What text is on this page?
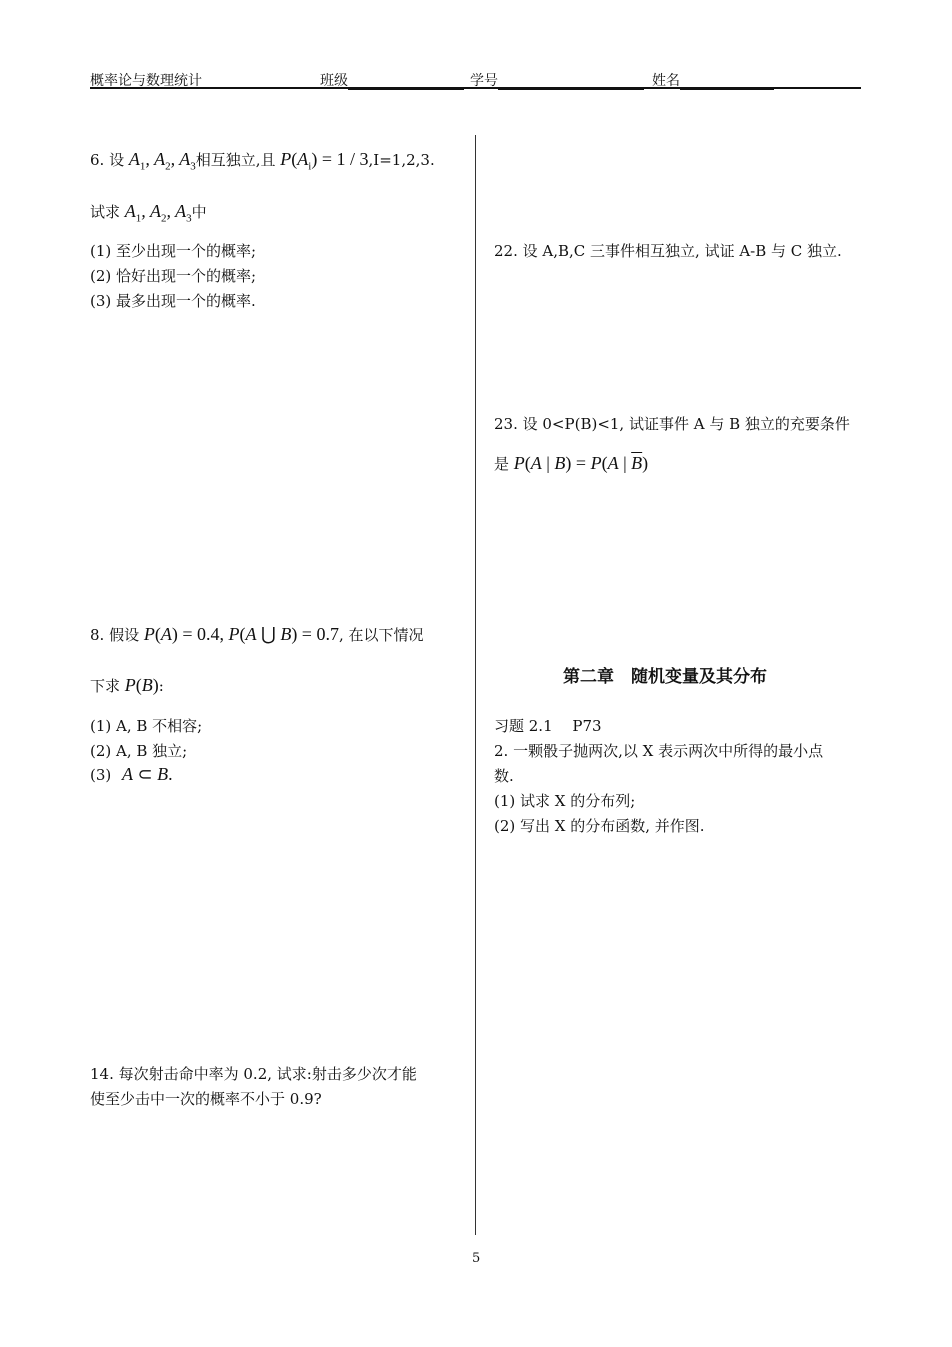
概率论与数理统计	班级	学号	姓名
6. 设 $A_1$, $A_2$, $A_3$相互独立,且 $P(A_i) = 1 / 3,I=1,2,3$.
试求 $A_1$, $A_2$, $A_3$中
(1) 至少出现一个的概率;
(2) 恰好出现一个的概率;
(3) 最多出现一个的概率.
8. 假设 P(A) = 0.4, P(A ⋃ B) = 0.7, 在以下情况
下求 P(B):
(1) A, B 不相容;
(2) A, B 独立;
(3) A ⊂ B.
14. 每次射击命中率为 0.2, 试求:射击多少次才能
使至少击中一次的概率不小于 0.9?
22. 设 A,B,C 三事件相互独立, 试证 A-B 与 C 独立.
23. 设 0<P(B)<1, 试证事件 A 与 B 独立的充要条件
是 P(A | B) = P(A | $\overline{B}$)
第二章　随机变量及其分布
习题 2.1　 P73
2. 一颗骰子抛两次,以 X 表示两次中所得的最小点
数.
(1) 试求 X 的分布列;
(2) 写出 X 的分布函数, 并作图.
5
